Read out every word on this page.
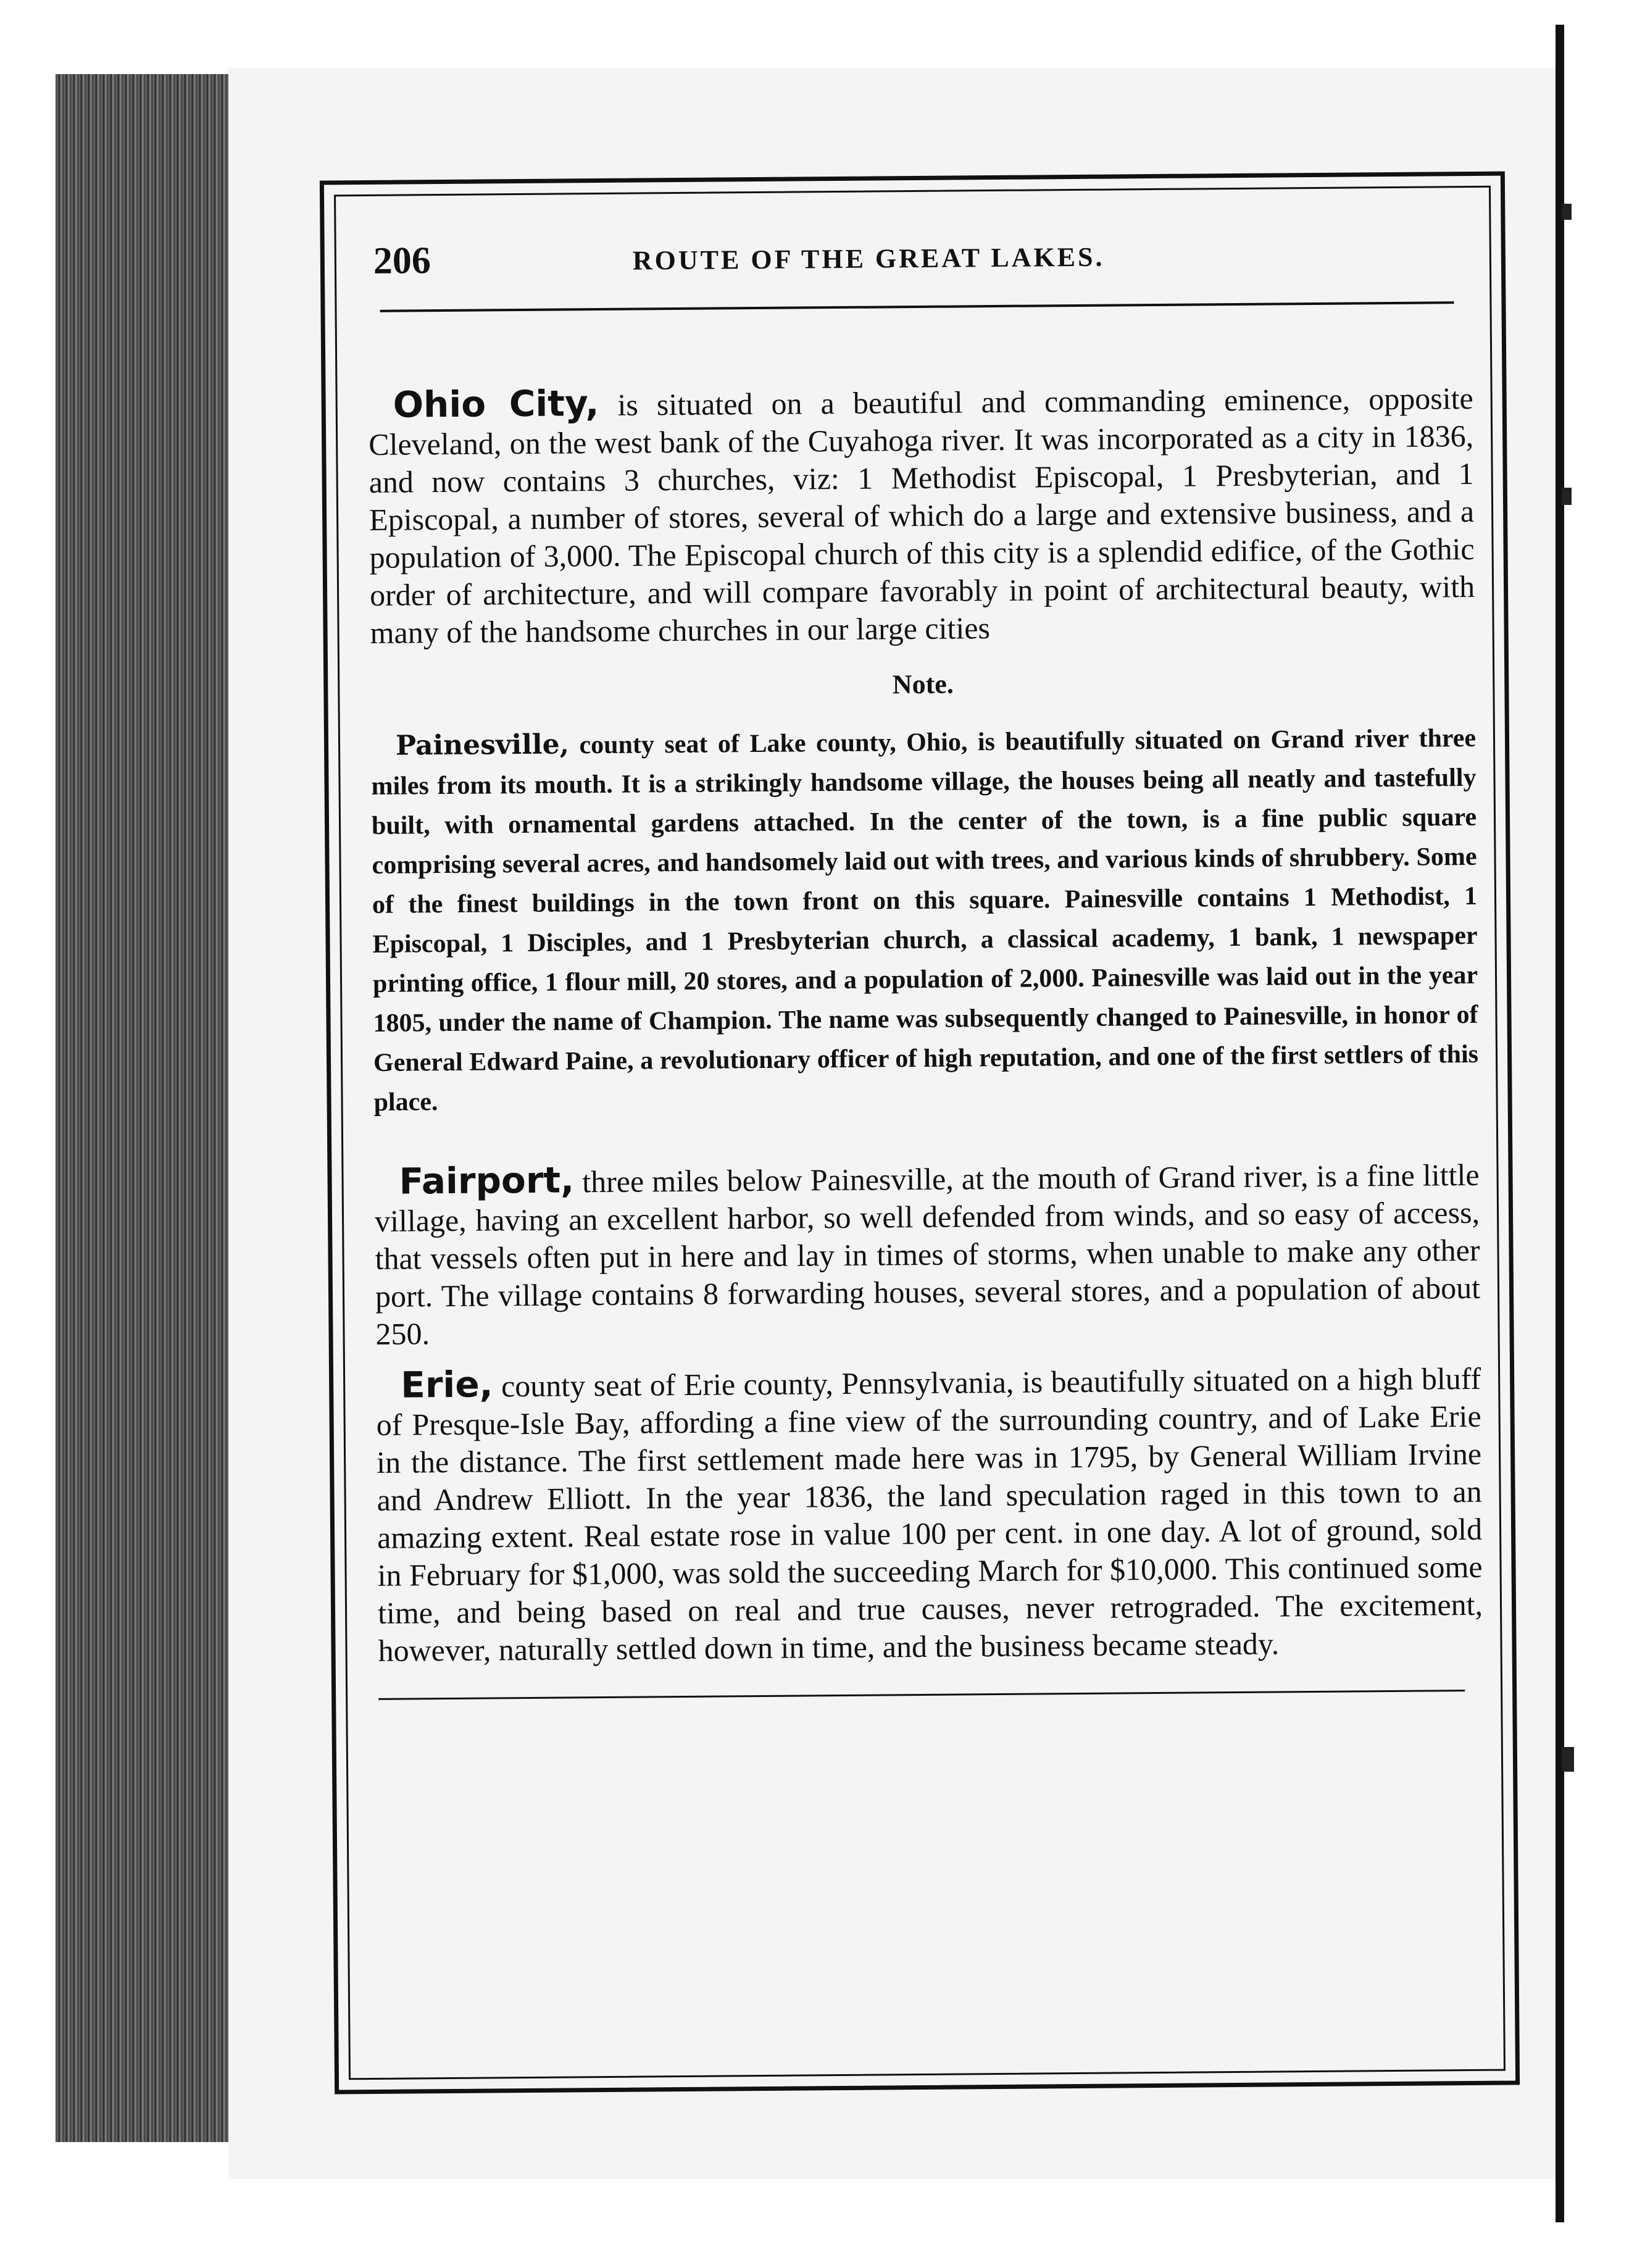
206	ROUTE OF THE GREAT LAKES.

Ohio City, is situated on a beautiful and commanding eminence, opposite Cleveland, on the west bank of the Cuyahoga river. It was incorporated as a city in 1836, and now contains 3 churches, viz: 1 Methodist Episcopal, 1 Presbyterian, and 1 Episcopal, a number of stores, several of which do a large and extensive business, and a population of 3,000. The Episcopal church of this city is a splendid edifice, of the Gothic order of architecture, and will compare favorably in point of architectural beauty, with many of the handsome churches in our large cities

Note.

Painesville, county seat of Lake county, Ohio, is beautifully situated on Grand river three miles from its mouth. It is a strikingly handsome village, the houses being all neatly and tastefully built, with ornamental gardens attached. In the center of the town, is a fine public square comprising several acres, and handsomely laid out with trees, and various kinds of shrubbery. Some of the finest buildings in the town front on this square. Painesville contains 1 Methodist, 1 Episcopal, 1 Disciples, and 1 Presbyterian church, a classical academy, 1 bank, 1 newspaper printing office, 1 flour mill, 20 stores, and a population of 2,000. Painesville was laid out in the year 1805, under the name of Champion. The name was subsequently changed to Painesville, in honor of General Edward Paine, a revolutionary officer of high reputation, and one of the first settlers of this place.

Fairport, three miles below Painesville, at the mouth of Grand river, is a fine little village, having an excellent harbor, so well defended from winds, and so easy of access, that vessels often put in here and lay in times of storms, when unable to make any other port. The village contains 8 forwarding houses, several stores, and a population of about 250.

Erie, county seat of Erie county, Pennsylvania, is beautifully situated on a high bluff of Presque-Isle Bay, affording a fine view of the surrounding country, and of Lake Erie in the distance. The first settlement made here was in 1795, by General William Irvine and Andrew Elliott. In the year 1836, the land speculation raged in this town to an amazing extent. Real estate rose in value 100 per cent. in one day. A lot of ground, sold in February for $1,000, was sold the succeeding March for $10,000. This continued some time, and being based on real and true causes, never retrograded. The excitement, however, naturally settled down in time, and the business became steady.
